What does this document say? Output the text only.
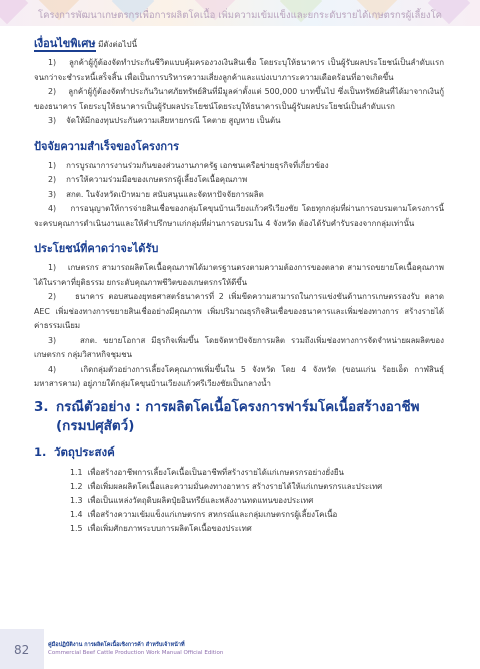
โครงการพัฒนาเกษตรกรเพื่อการผลิตโคเนื้อ เพิ่มความเข้มแข็งและยกระดับรายได้เกษตรกรผู้เลี้ยงโค
เงื่อนไขพิเศษ มีดังต่อไปนี้

1)    ลูกค้าผู้กู้ต้องจัดทำประกันชีวิตแบบคุ้มครองวงเงินสินเชื่อ โดยระบุให้ธนาคาร เป็นผู้รับผลประโยชน์เป็นลำดับแรกจนกว่าจะชำระหนี้เสร็จสิ้น เพื่อเป็นการบริหารความเสี่ยงลูกค้าและแบ่งเบาภาระความเดือดร้อนที่อาจเกิดขึ้น

2)    ลูกค้าผู้กู้ต้องจัดทำประกันวินาศภัยทรัพย์สินที่มีมูลค่าตั้งแต่ 500,000 บาทขึ้นไป ซึ่งเป็นทรัพย์สินที่ได้มาจากเงินกู้ของธนาคาร โดยระบุให้ธนาคารเป็นผู้รับผลประโยชน์โดยระบุให้ธนาคารเป็นผู้รับผลประโยชน์เป็นลำดับแรก

3)    จัดให้มีกองทุนประกันความเสียหายกรณี โคตาย สูญหาย เป็นต้น

ปัจจัยความสำเร็จของโครงการ

1)    การบูรณาการงานร่วมกันของส่วนงานภาครัฐ เอกชนเครือข่ายธุรกิจที่เกี่ยวข้อง

2)    การให้ความร่วมมือของเกษตรกรผู้เลี้ยงโคเนื้อคุณภาพ

3)    สกต. ในจังหวัดเป้าหมาย สนับสนุนและจัดหาปัจจัยการผลิต

4)    การอนุญาตให้การจ่ายสินเชื่อของกลุ่มโคขุนบ้านเวียงแก้วศรีเวียงชัย โดยทุกกลุ่มที่ผ่านการอบรมตามโครงการนี้จะครบคุณการดำเนินงานและให้คำปรึกษาแก่กลุ่มที่ผ่านการอบรมใน 4 จังหวัด ต้องได้รับคำรับรองจากกลุ่มเท่านั้น

ประโยชน์ที่คาดว่าจะได้รับ

1)    เกษตรกร สามารถผลิตโคเนื้อคุณภาพได้มาตรฐานตรงตามความต้องการของตลาด สามารถขยายโคเนื้อคุณภาพ ได้ในราคาที่ยุติธรรม ยกระดับคุณภาพชีวิตของเกษตรกรให้ดีขึ้น

2)    ธนาคาร ตอบสนองยุทธศาสตร์ธนาคารที่ 2 เพิ่มขีดความสามารถในการแข่งขันด้านการเกษตรรองรับ ตลาด AEC เพิ่มช่องทางการขยายสินเชื่ออย่างมีคุณภาพ เพิ่มปริมาณธุรกิจสินเชื่อของธนาคารและเพิ่มช่องทางการ สร้างรายได้ค่าธรรมเนียม

3)    สกต. ขยายโอกาส มีธุรกิจเพิ่มขึ้น โดยจัดหาปัจจัยการผลิต รวมถึงเพิ่มช่องทางการจัดจำหน่ายผลผลิตของ เกษตรกร กลุ่มวิสาหกิจชุมชน

4)    เกิดกลุ่มตัวอย่างการเลี้ยงโคคุณภาพเพิ่มขึ้นใน 5 จังหวัด โดย 4 จังหวัด (ขอนแก่น ร้อยเอ็ด กาฬสินธุ์ มหาสารคาม) อยู่ภายใต้กลุ่มโคขุนบ้านเวียงแก้วศรีเวียงชัยเป็นกลางน้ำ

3. กรณีตัวอย่าง : การผลิตโคเนื้อโครงการฟาร์มโคเนื้อสร้างอาชีพ
(กรมปศุสัตว์)
1. วัตถุประสงค์
1.1  เพื่อสร้างอาชีพการเลี้ยงโคเนื้อเป็นอาชีพที่สร้างรายได้แก่เกษตรกรอย่างยั่งยืน
1.2  เพื่อเพิ่มผลผลิตโคเนื้อและความมั่นคงทางอาหาร สร้างรายได้ให้แก่เกษตรกรและประเทศ
1.3  เพื่อเป็นแหล่งวัตถุดิบผลิตปุ๋ยอินทรีย์และพลังงานทดแทนของประเทศ
1.4  เพื่อสร้างความเข้มแข็งแก่เกษตรกร สหกรณ์และกลุ่มเกษตรกรผู้เลี้ยงโคเนื้อ
1.5  เพื่อเพิ่มศักยภาพระบบการผลิตโคเนื้อของประเทศ
82	คู่มือปฏิบัติงาน การผลิตโคเนื้อเชิงการค้า สำหรับเจ้าหน้าที่
Commercial Beef Cattle Production Work Manual Official Edition
